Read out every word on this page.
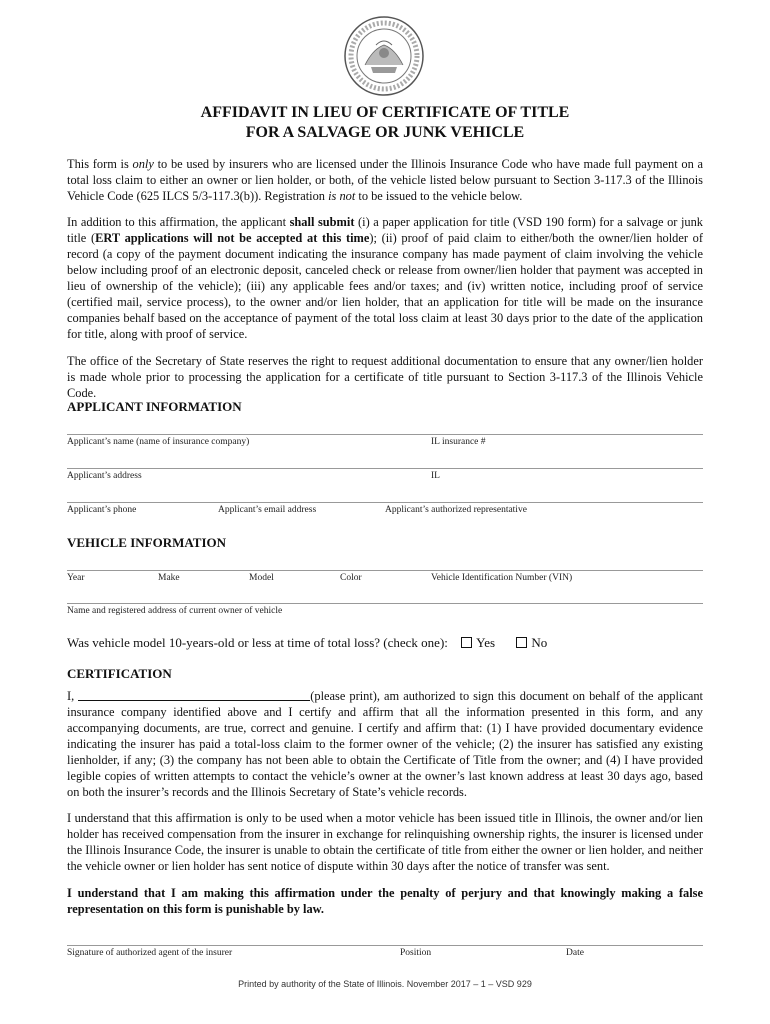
AFFIDAVIT IN LIEU OF CERTIFICATE OF TITLE
FOR A SALVAGE OR JUNK VEHICLE
This form is only to be used by insurers who are licensed under the Illinois Insurance Code who have made full payment on a total loss claim to either an owner or lien holder, or both, of the vehicle listed below pursuant to Section 3-117.3 of the Illinois Vehicle Code (625 ILCS 5/3-117.3(b)). Registration is not to be issued to the vehicle below.
In addition to this affirmation, the applicant shall submit (i) a paper application for title (VSD 190 form) for a salvage or junk title (ERT applications will not be accepted at this time); (ii) proof of paid claim to either/both the owner/lien holder of record (a copy of the payment document indicating the insurance company has made payment of claim involving the vehicle below including proof of an electronic deposit, canceled check or release from owner/lien holder that payment was accepted in lieu of ownership of the vehicle); (iii) any applicable fees and/or taxes; and (iv) written notice, including proof of service (certified mail, service process), to the owner and/or lien holder, that an application for title will be made on the insurance companies behalf based on the acceptance of payment of the total loss claim at least 30 days prior to the date of the application for title, along with proof of service.
The office of the Secretary of State reserves the right to request additional documentation to ensure that any owner/lien holder is made whole prior to processing the application for a certificate of title pursuant to Section 3-117.3 of the Illinois Vehicle Code.
APPLICANT INFORMATION
Applicant’s name (name of insurance company)	IL insurance #
Applicant’s address	IL
Applicant’s phone	Applicant’s email address	Applicant’s authorized representative
VEHICLE INFORMATION
Year	Make	Model	Color	Vehicle Identification Number (VIN)
Name and registered address of current owner of vehicle
Was vehicle model 10-years-old or less at time of total loss? (check one): Yes	No
CERTIFICATION
I,	(please print), am authorized to sign this document on behalf of the applicant insurance company identified above and I certify and affirm that all the information presented in this form, and any accompanying documents, are true, correct and genuine. I certify and affirm that: (1) I have provided documentary evidence indicating the insurer has paid a total-loss claim to the former owner of the vehicle; (2) the insurer has satisfied any existing lienholder, if any; (3) the company has not been able to obtain the Certificate of Title from the owner; and (4) I have provided legible copies of written attempts to contact the vehicle’s owner at the owner’s last known address at least 30 days ago, based on both the insurer’s records and the Illinois Secretary of State’s vehicle records.
I understand that this affirmation is only to be used when a motor vehicle has been issued title in Illinois, the owner and/or lien holder has received compensation from the insurer in exchange for relinquishing ownership rights, the insurer is licensed under the Illinois Insurance Code, the insurer is unable to obtain the certificate of title from either the owner or lien holder, and neither the vehicle owner or lien holder has sent notice of dispute within 30 days after the notice of transfer was sent.
I understand that I am making this affirmation under the penalty of perjury and that knowingly making a false representation on this form is punishable by law.
Signature of authorized agent of the insurer	Position	Date
Printed by authority of the State of Illinois. November 2017 – 1 – VSD 929
